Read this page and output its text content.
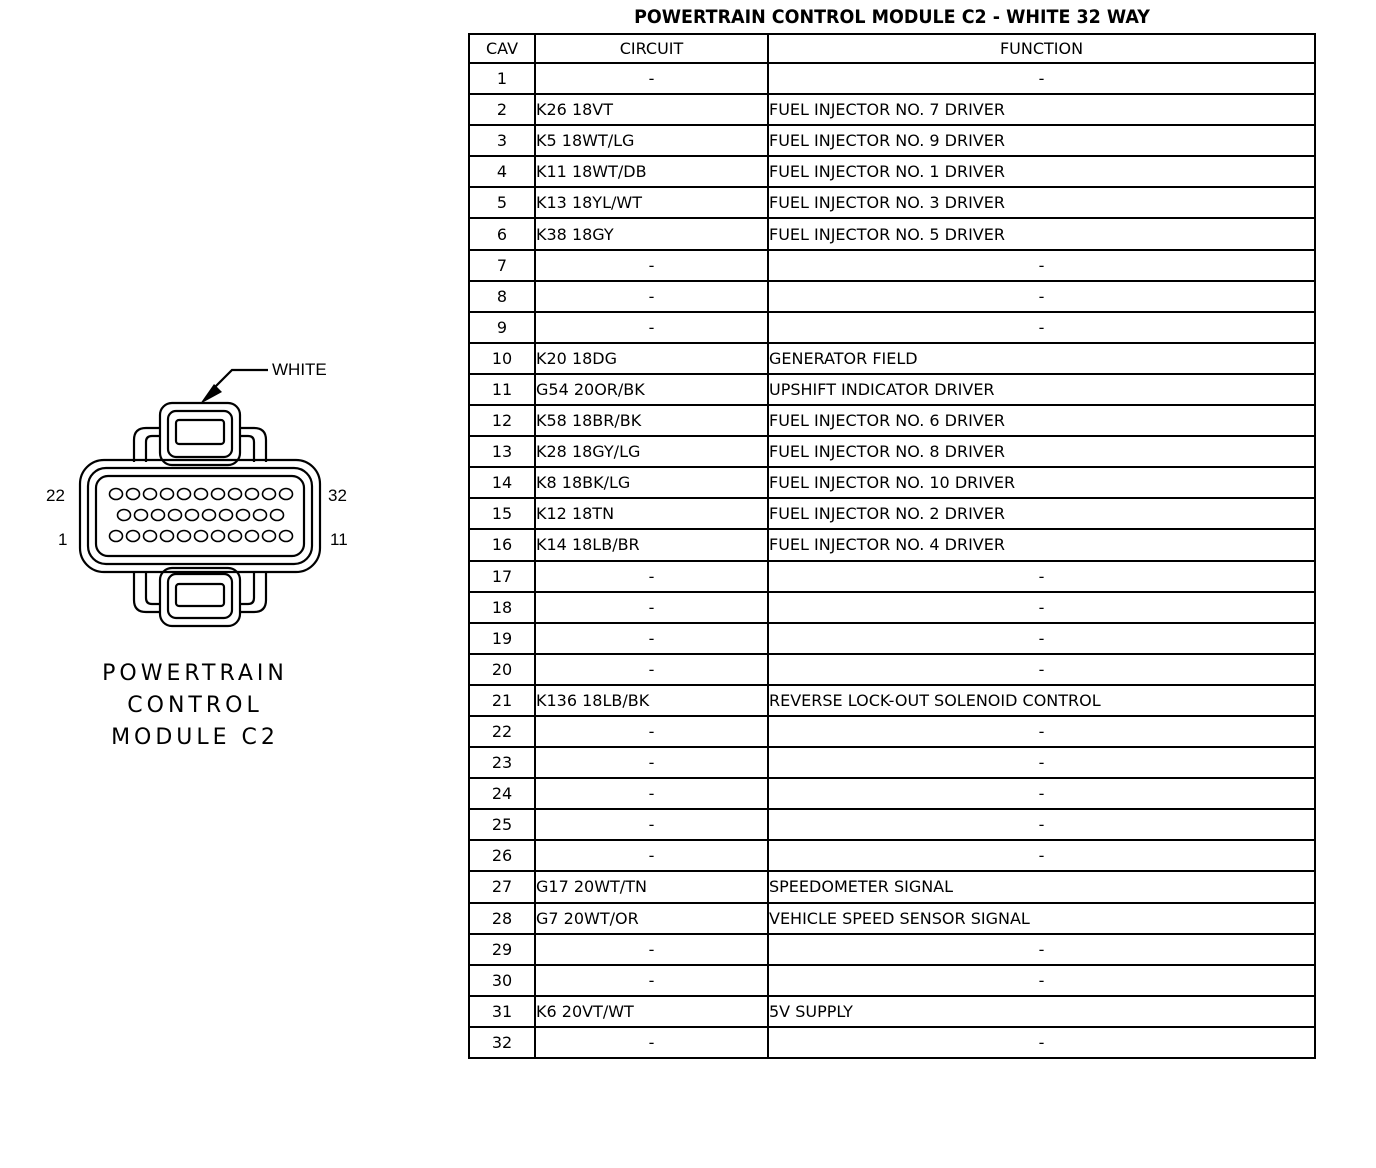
WHITE
22
1
32
11
POWERTRAIN
CONTROL
MODULE C2
POWERTRAIN CONTROL MODULE C2 - WHITE 32 WAY
CAV	CIRCUIT	FUNCTION
1	-	-
2	K26 18VT	FUEL INJECTOR NO. 7 DRIVER
3	K5 18WT/LG	FUEL INJECTOR NO. 9 DRIVER
4	K11 18WT/DB	FUEL INJECTOR NO. 1 DRIVER
5	K13 18YL/WT	FUEL INJECTOR NO. 3 DRIVER
6	K38 18GY	FUEL INJECTOR NO. 5 DRIVER
7	-	-
8	-	-
9	-	-
10	K20 18DG	GENERATOR FIELD
11	G54 20OR/BK	UPSHIFT INDICATOR DRIVER
12	K58 18BR/BK	FUEL INJECTOR NO. 6 DRIVER
13	K28 18GY/LG	FUEL INJECTOR NO. 8 DRIVER
14	K8 18BK/LG	FUEL INJECTOR NO. 10 DRIVER
15	K12 18TN	FUEL INJECTOR NO. 2 DRIVER
16	K14 18LB/BR	FUEL INJECTOR NO. 4 DRIVER
17	-	-
18	-	-
19	-	-
20	-	-
21	K136 18LB/BK	REVERSE LOCK-OUT SOLENOID CONTROL
22	-	-
23	-	-
24	-	-
25	-	-
26	-	-
27	G17 20WT/TN	SPEEDOMETER SIGNAL
28	G7 20WT/OR	VEHICLE SPEED SENSOR SIGNAL
29	-	-
30	-	-
31	K6 20VT/WT	5V SUPPLY
32	-	-
